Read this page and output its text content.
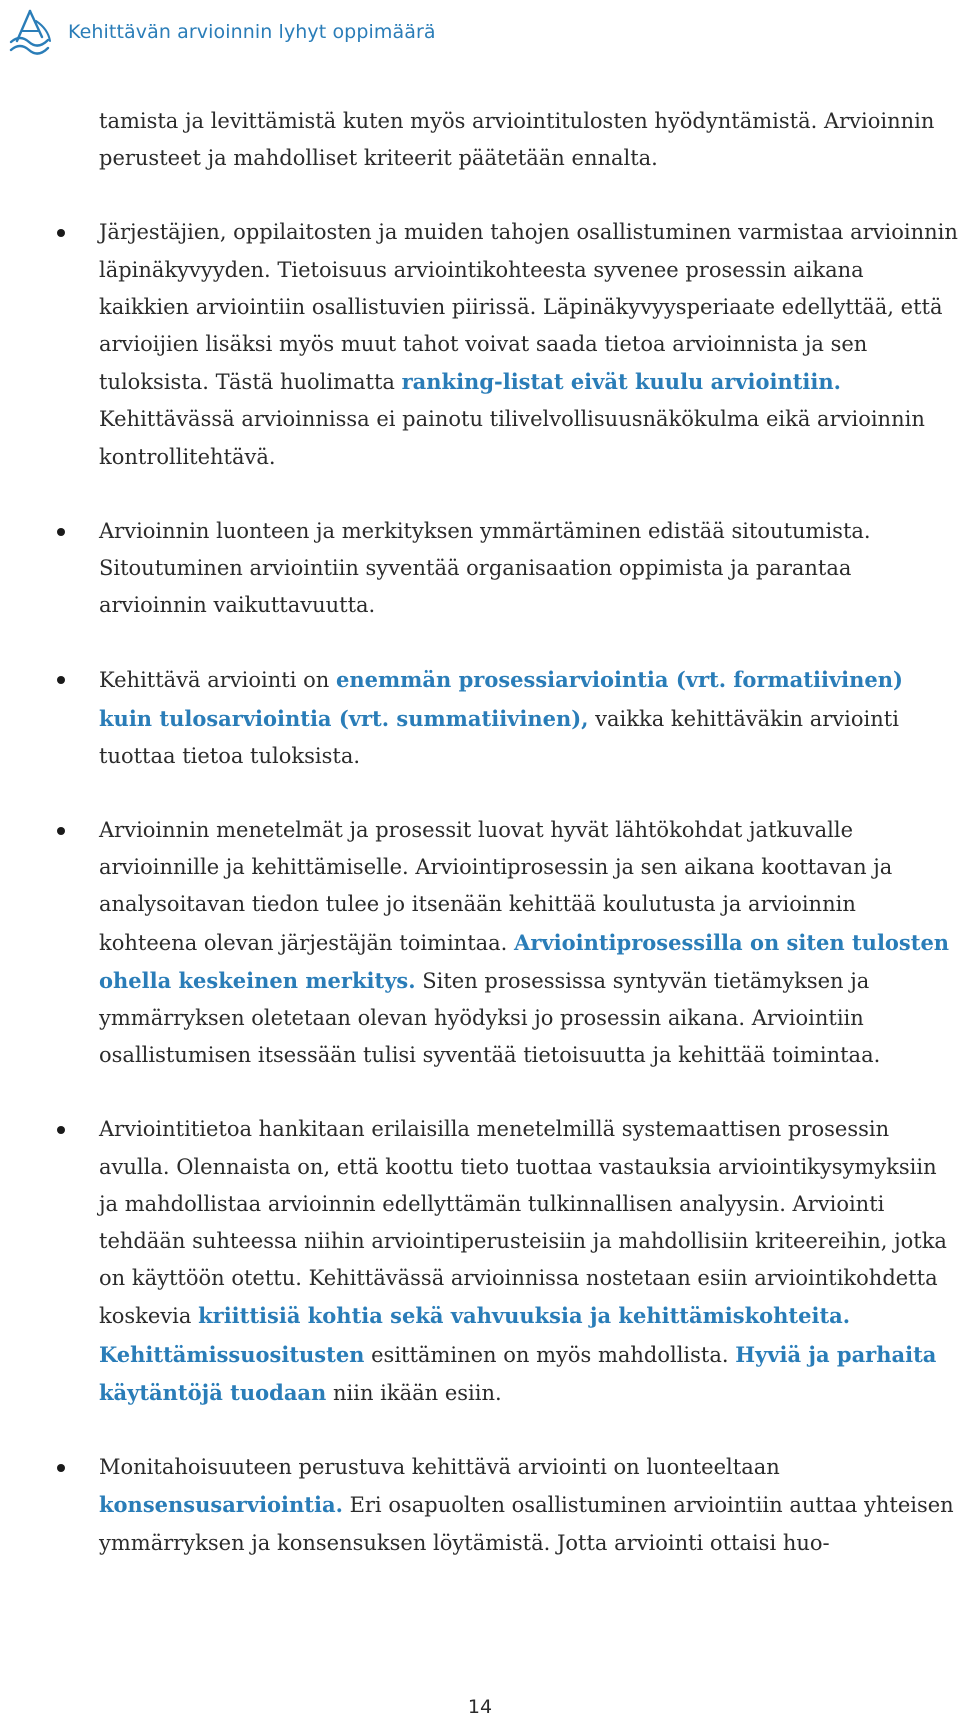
Kehittävän arvioinnin lyhyt oppimäärä

tamista ja levittämistä kuten myös arviointitulosten hyödyntämistä. Arvioinnin perusteet ja mahdolliset kriteerit päätetään ennalta.

Järjestäjien, oppilaitosten ja muiden tahojen osallistuminen varmistaa arvioinnin läpinäkyvyyden. Tietoisuus arviointikohteesta syvenee prosessin aikana kaikkien arviointiin osallistuvien piirissä. Läpinäkyvyysperiaate edellyttää, että arvioijien lisäksi myös muut tahot voivat saada tietoa arvioinnista ja sen tuloksista. Tästä huolimatta ranking-listat eivät kuulu arviointiin. Kehittävässä arvioinnissa ei painotu tilivelvollisuusnäkökulma eikä arvioinnin kontrollitehtävä.
Arvioinnin luonteen ja merkityksen ymmärtäminen edistää sitoutumista. Sitoutuminen arviointiin syventää organisaation oppimista ja parantaa arvioinnin vaikuttavuutta.
Kehittävä arviointi on enemmän prosessiarviointia (vrt. formatiivinen) kuin tulosarviointia (vrt. summatiivinen), vaikka kehittäväkin arviointi tuottaa tietoa tuloksista.
Arvioinnin menetelmät ja prosessit luovat hyvät lähtökohdat jatkuvalle arvioinnille ja kehittämiselle. Arviointiprosessin ja sen aikana koottavan ja analysoitavan tiedon tulee jo itsenään kehittää koulutusta ja arvioinnin kohteena olevan järjestäjän toimintaa. Arviointiprosessilla on siten tulosten ohella keskeinen merkitys. Siten prosessissa syntyvän tietämyksen ja ymmärryksen oletetaan olevan hyödyksi jo prosessin aikana. Arviointiin osallistumisen itsessään tulisi syventää tietoisuutta ja kehittää toimintaa.
Arviointitietoa hankitaan erilaisilla menetelmillä systemaattisen prosessin avulla. Olennaista on, että koottu tieto tuottaa vastauksia arviointikysymyksiin ja mahdollistaa arvioinnin edellyttämän tulkinnallisen analyysin. Arviointi tehdään suhteessa niihin arviointiperusteisiin ja mahdollisiin kriteereihin, jotka on käyttöön otettu. Kehittävässä arvioinnissa nostetaan esiin arviointikohdetta koskevia kriittisiä kohtia sekä vahvuuksia ja kehittämiskohteita. Kehittämissuositusten esittäminen on myös mahdollista. Hyviä ja parhaita käytäntöjä tuodaan niin ikään esiin.
Monitahoisuuteen perustuva kehittävä arviointi on luonteeltaan konsensusarviointia. Eri osapuolten osallistuminen arviointiin auttaa yhteisen ymmärryksen ja konsensuksen löytämistä. Jotta arviointi ottaisi huo-
14
